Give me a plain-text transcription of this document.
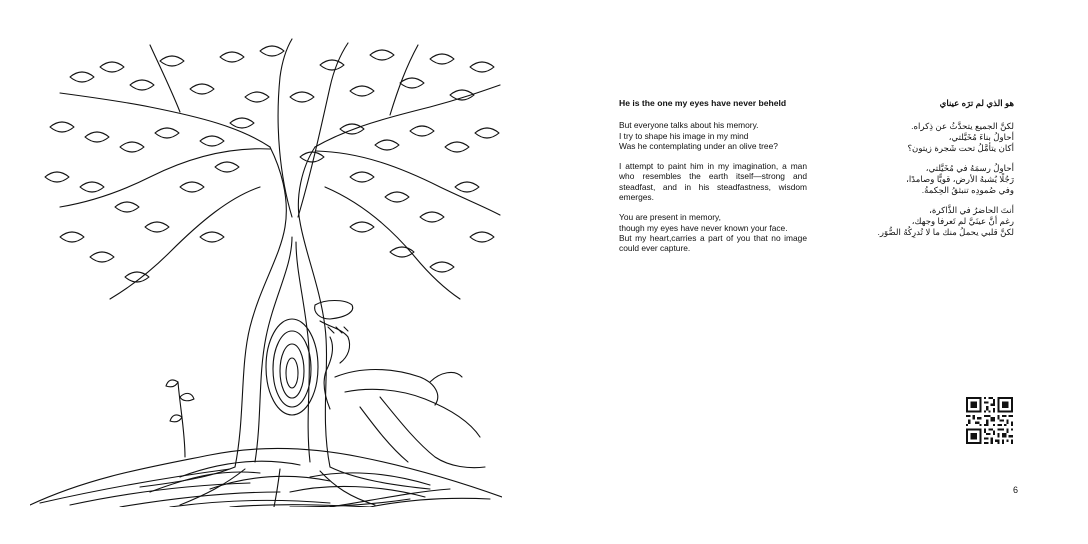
He is the one my eyes have never beheld
But everyone talks about his memory.
I try to shape his image in my mind
Was he contemplating under an olive tree?
I attempt to paint him in my imagination, a man who resembles the earth itself—strong and steadfast, and in his steadfastness, wisdom emerges.
You are present in memory,
though my eyes have never known your face.
But my heart,carries a part of you that no image could ever capture.
هو الذي لم ترَه عيناي
لكنَّ الجميع يتحدَّثُ عن ذِكراه.
أحاولُ بناءَ مُخَيَّلتي،
أكان يتأمَّلُ تحت شَجرة زيتون؟
أحاولُ رسمَهُ في مُخَيَّلتي،
رَجُلًا يُشبهُ الأرض، قويًّا وصامدًا،
وفي صُمودِه تنبثقُ الحِكمةُ.
أنتَ الحاضرُ في الذَّاكرة،
رغم أنَّ عينَيَّ لم تَعرفا وجهك،
لكنَّ قلبي يحملُ منك ما لا تُدرِكُهُ الصُّوَر.
6
